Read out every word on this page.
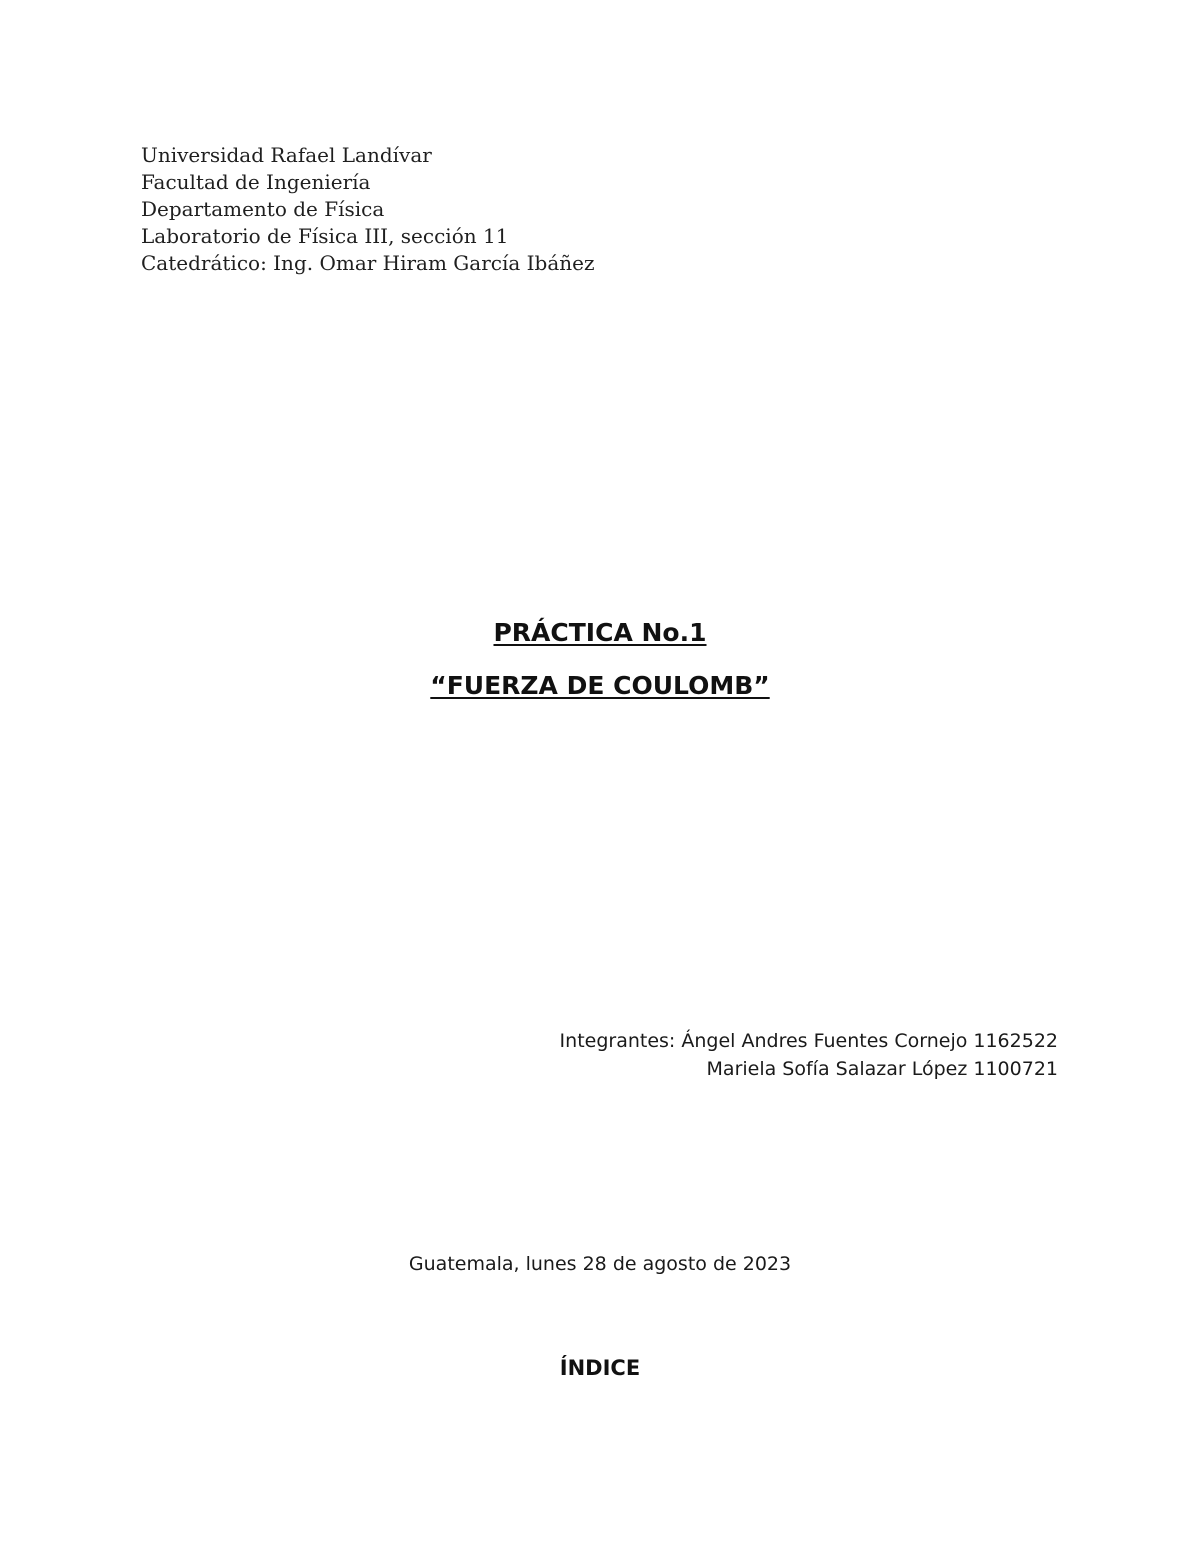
Universidad Rafael Landívar
Facultad de Ingeniería
Departamento de Física
Laboratorio de Física III, sección 11
Catedrático: Ing. Omar Hiram García Ibáñez
PRÁCTICA No.1
“FUERZA DE COULOMB”
Integrantes: Ángel Andres Fuentes Cornejo 1162522
Mariela Sofía Salazar López 1100721
Guatemala, lunes 28 de agosto de 2023
ÍNDICE
